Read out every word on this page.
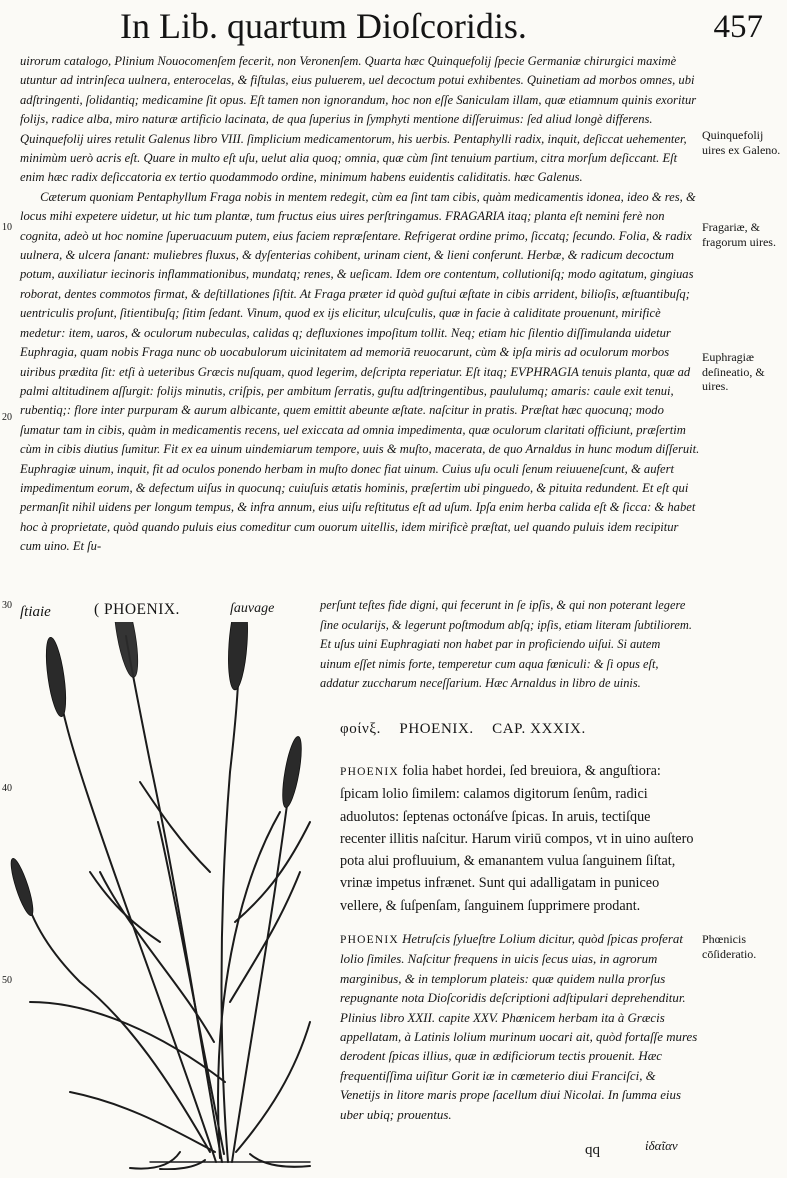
In Lib. quartum Dioſcoridis.	457
10
20
30
40
50

uirorum catalogo, Plinium Nouocomenſem fecerit, non Veronenſem. Quarta hæc Quinquefolij ſpecie Germaniæ chirurgici maximè utuntur ad intrinſeca uulnera, enterocelas, & fiſtulas, eius puluerem, uel decoctum potui exhibentes. Quinetiam ad morbos omnes, ubi adſtringenti, ſolidantiq; medicamine ſit opus. Eſt tamen non ignorandum, hoc non eſſe Saniculam illam, quæ etiamnum quinis exoritur folijs, radice alba, miro naturæ artificio lacinata, de qua ſuperius in ſymphyti mentione diſſeruimus: ſed aliud longè differens. Quinquefolij uires retulit Galenus libro VIII. ſimplicium medicamentorum, his uerbis. Pentaphylli radix, inquit, deſiccat uehementer, minimùm uerò acris eſt. Quare in multo eſt uſu, uelut alia quoq; omnia, quæ cùm ſint tenuium partium, citra morſum deſiccant. Eſt enim hæc radix deſiccatoria ex tertio quodammodo ordine, minimum habens euidentis caliditatis. hæc Galenus.

Cæterum quoniam Pentaphyllum Fraga nobis in mentem redegit, cùm ea ſint tam cibis, quàm medicamentis idonea, ideo & res, & locus mihi expetere uidetur, ut hic tum plantæ, tum fructus eius uires perſtringamus. FRAGARIA itaq; planta eſt nemini ferè non cognita, adeò ut hoc nomine ſuperuacuum putem, eius faciem repræſentare. Refrigerat ordine primo, ſiccatq; ſecundo. Folia, & radix uulnera, & ulcera ſanant: muliebres fluxus, & dyſenterias cohibent, urinam cient, & lieni conferunt. Herbæ, & radicum decoctum potum, auxiliatur iecinoris inflammationibus, mundatq; renes, & ueſicam. Idem ore contentum, collutioniſq; modo agitatum, gingiuas roborat, dentes commotos firmat, & deſtillationes ſiſtit. At Fraga præter id quòd guſtui æſtate in cibis arrident, bilioſis, æſtuantibuſq; uentriculis proſunt, ſitientibuſq; ſitim ſedant. Vinum, quod ex ijs elicitur, ulcuſculis, quæ in facie à caliditate prouenunt, mirificè medetur: item, uaros, & oculorum nubeculas, calidas q; defluxiones impoſitum tollit. Neq; etiam hic ſilentio diſſimulanda uidetur Euphragia, quam nobis Fraga nunc ob uocabulorum uicinitatem ad memoriā reuocarunt, cùm & ipſa miris ad oculorum morbos uiribus prædita ſit: etſi à ueteribus Græcis nuſquam, quod legerim, deſcripta reperiatur. Eſt itaq; EVPHRAGIA tenuis planta, quæ ad palmi altitudinem aſſurgit: folijs minutis, criſpis, per ambitum ſerratis, guſtu adſtringentibus, paululumq; amaris: caule exit tenui, rubentiq;: flore inter purpuram & aurum albicante, quem emittit abeunte æſtate. naſcitur in pratis. Præſtat hæc quocunq; modo ſumatur tam in cibis, quàm in medicamentis recens, uel exiccata ad omnia impedimenta, quæ oculorum claritati officiunt, præſertim cùm in cibis diutius ſumitur. Fit ex ea uinum uindemiarum tempore, uuis & muſto, macerata, de quo Arnaldus in hunc modum diſſeruit. Euphragiæ uinum, inquit, fit ad oculos ponendo herbam in muſto donec fiat uinum. Cuius uſu oculi ſenum reiuueneſcunt, & aufert impedimentum eorum, & defectum uiſus in quocunq; cuiuſuis ætatis hominis, præſertim ubi pinguedo, & pituita redundent. Et eſt qui permanſit nihil uidens per longum tempus, & infra annum, eius uiſu reſtitutus eſt ad uſum. Ipſa enim herba calida eſt & ſicca: & habet hoc à proprietate, quòd quando puluis eius comeditur cum ouorum uitellis, idem mirificè præſtat, uel quando puluis idem recipitur cum uino. Et ſu-

Quinquefolij uires ex Galeno.
Fragariæ, & fragorum uires.
Euphragiæ deſineatio, & uires.
Phœnicis cōſideratio.
ſtiaie	( PHOENIX.	ſauvage	perſunt teſtes fide digni, qui fecerunt in ſe ipſis, & qui non poterant legere ſine ocularijs, & legerunt poſtmodum abſq; ipſis, etiam literam ſubtiliorem. Et uſus uini Euphragiati non habet par in proficiendo uiſui. Si autem uinum eſſet nimis forte, temperetur cum aqua fœniculi: & ſi opus eſt, addatur zuccharum neceſſarium. Hæc Arnaldus in libro de uinis.
φοίνξ. PHOENIX. CAP. XXXIX.
PHOENIX folia habet hordei, ſed breuiora, & anguſtiora: ſpicam lolio ſimilem: calamos digitorum ſenûm, radici aduolutos: ſeptenas octonáſve ſpicas. In aruis, tectiſque recenter illitis naſcitur. Harum viriū compos, vt in uino auſtero pota alui profluuium, & emanantem vulua ſanguinem ſiſtat, vrinæ impetus infrænet. Sunt qui adalligatam in puniceo vellere, & ſuſpenſam, ſanguinem ſupprimere prodant.
PHOENIX Hetruſcis ſylueſtre Lolium dicitur, quòd ſpicas proferat lolio ſimiles. Naſcitur frequens in uicis ſecus uias, in agrorum marginibus, & in templorum plateis: quæ quidem nulla prorſus repugnante nota Dioſcoridis deſcriptioni adſtipulari deprehenditur. Plinius libro XXII. capite XXV. Phœnicem herbam ita à Græcis appellatam, à Latinis lolium murinum uocari ait, quòd fortaſſe mures derodent ſpicas illius, quæ in ædificiorum tectis prouenit. Hæc frequentiſſima uiſitur Gorit iæ in cœmeterio diui Franciſci, & Venetijs in litore maris prope ſacellum diui Nicolai. In ſumma eius uber ubiq; prouentus.
qq	ἰδαῖαν
